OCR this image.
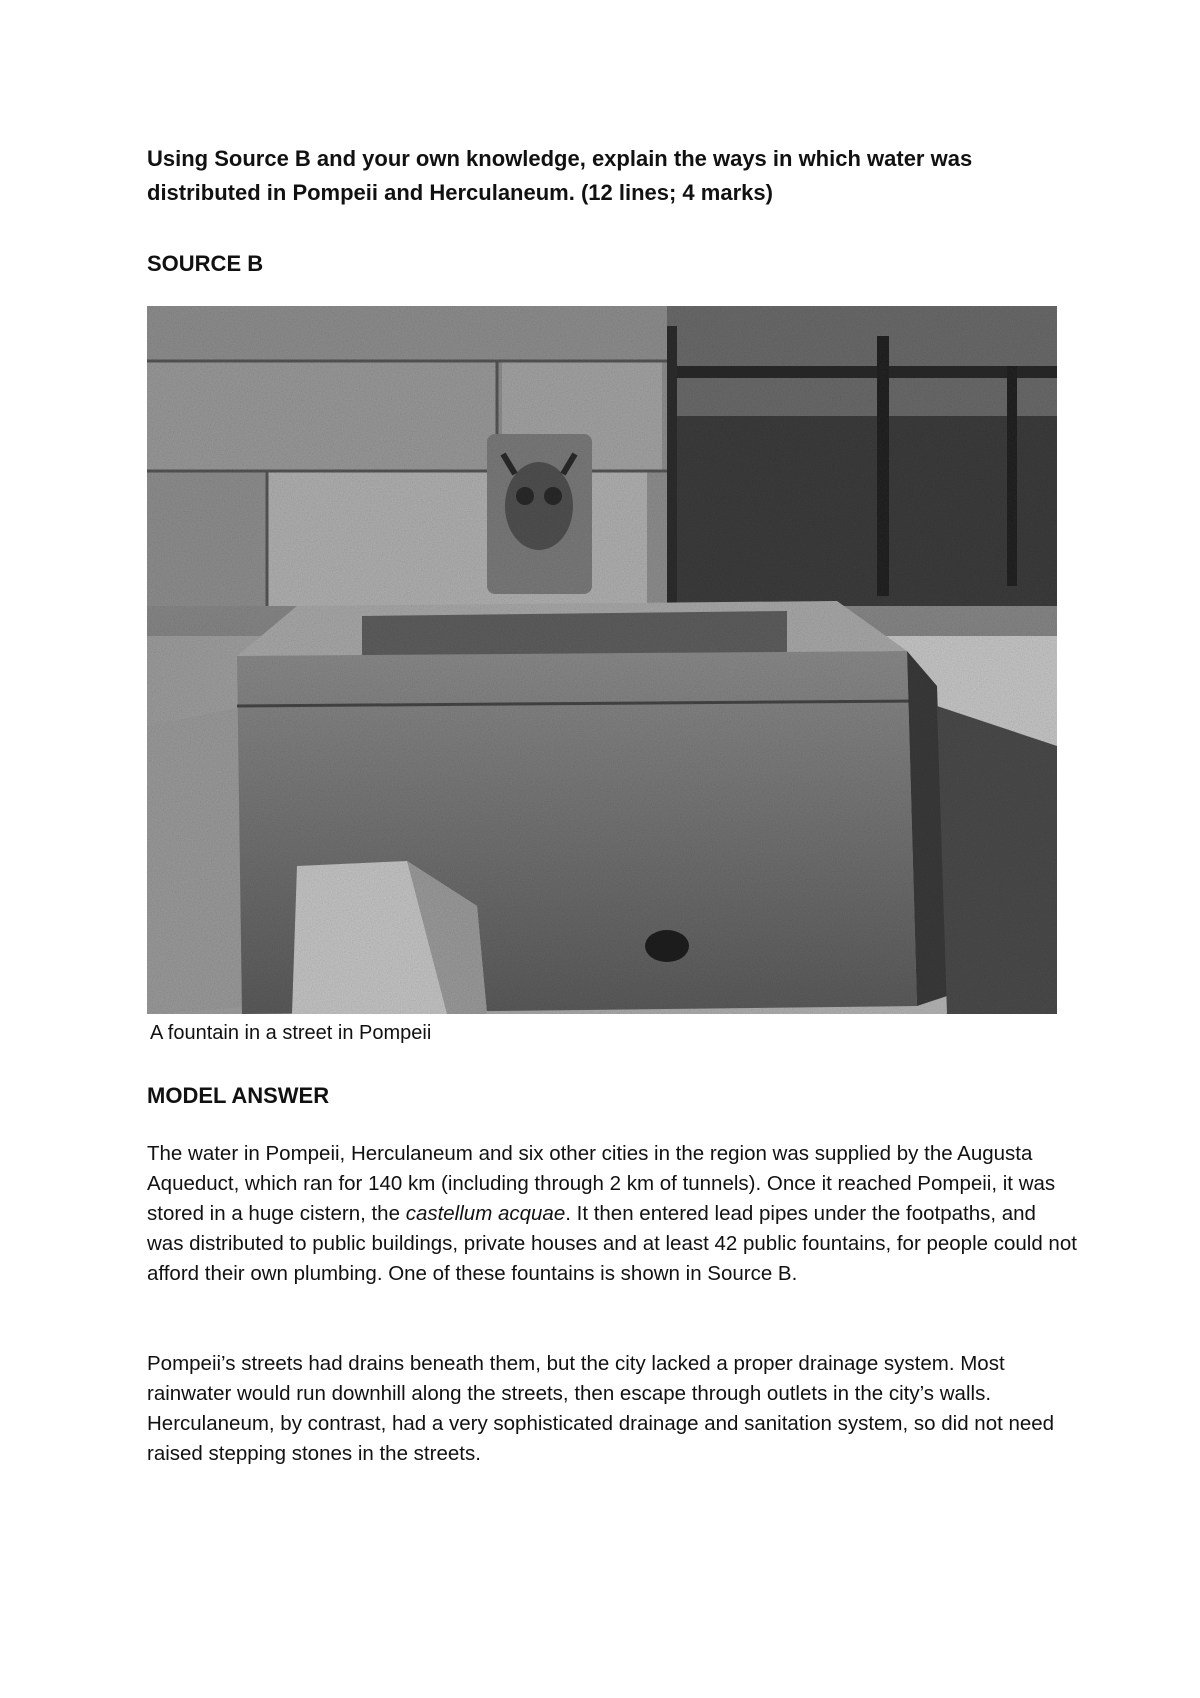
Using Source B and your own knowledge, explain the ways in which water was distributed in Pompeii and Herculaneum. (12 lines; 4 marks)

SOURCE B

A fountain in a street in Pompeii

MODEL ANSWER

The water in Pompeii, Herculaneum and six other cities in the region was supplied by the Augusta Aqueduct, which ran for 140 km (including through 2 km of tunnels). Once it reached Pompeii, it was stored in a huge cistern, the castellum acquae. It then entered lead pipes under the footpaths, and was distributed to public buildings, private houses and at least 42 public fountains, for people could not afford their own plumbing. One of these fountains is shown in Source B.

Pompeii’s streets had drains beneath them, but the city lacked a proper drainage system. Most rainwater would run downhill along the streets, then escape through outlets in the city’s walls. Herculaneum, by contrast, had a very sophisticated drainage and sanitation system, so did not need raised stepping stones in the streets.
